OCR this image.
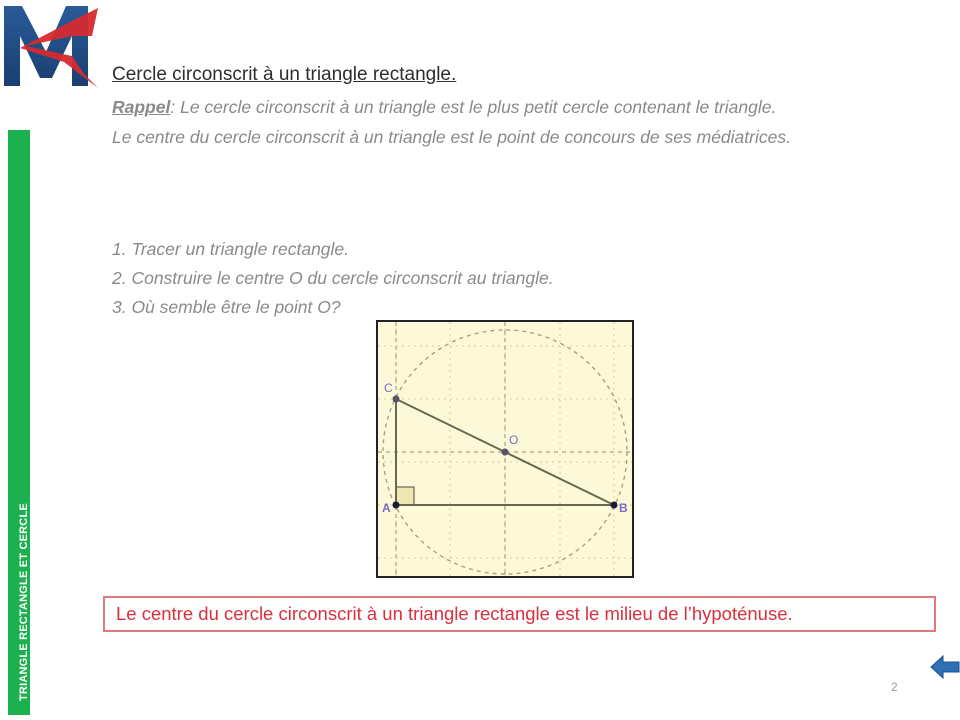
TRIANGLE RECTANGLE ET CERCLE
Cercle circonscrit à un triangle rectangle.

Rappel: Le cercle circonscrit à un triangle est le plus petit cercle contenant le triangle.

Le centre du cercle circonscrit à un triangle est le point de concours de ses médiatrices.

1. Tracer un triangle rectangle.

2. Construire le centre O du cercle circonscrit au triangle.

3. Où semble être le point O?

A	B
C
O
Le centre du cercle circonscrit à un triangle rectangle est le milieu de l’hypoténuse.
2
